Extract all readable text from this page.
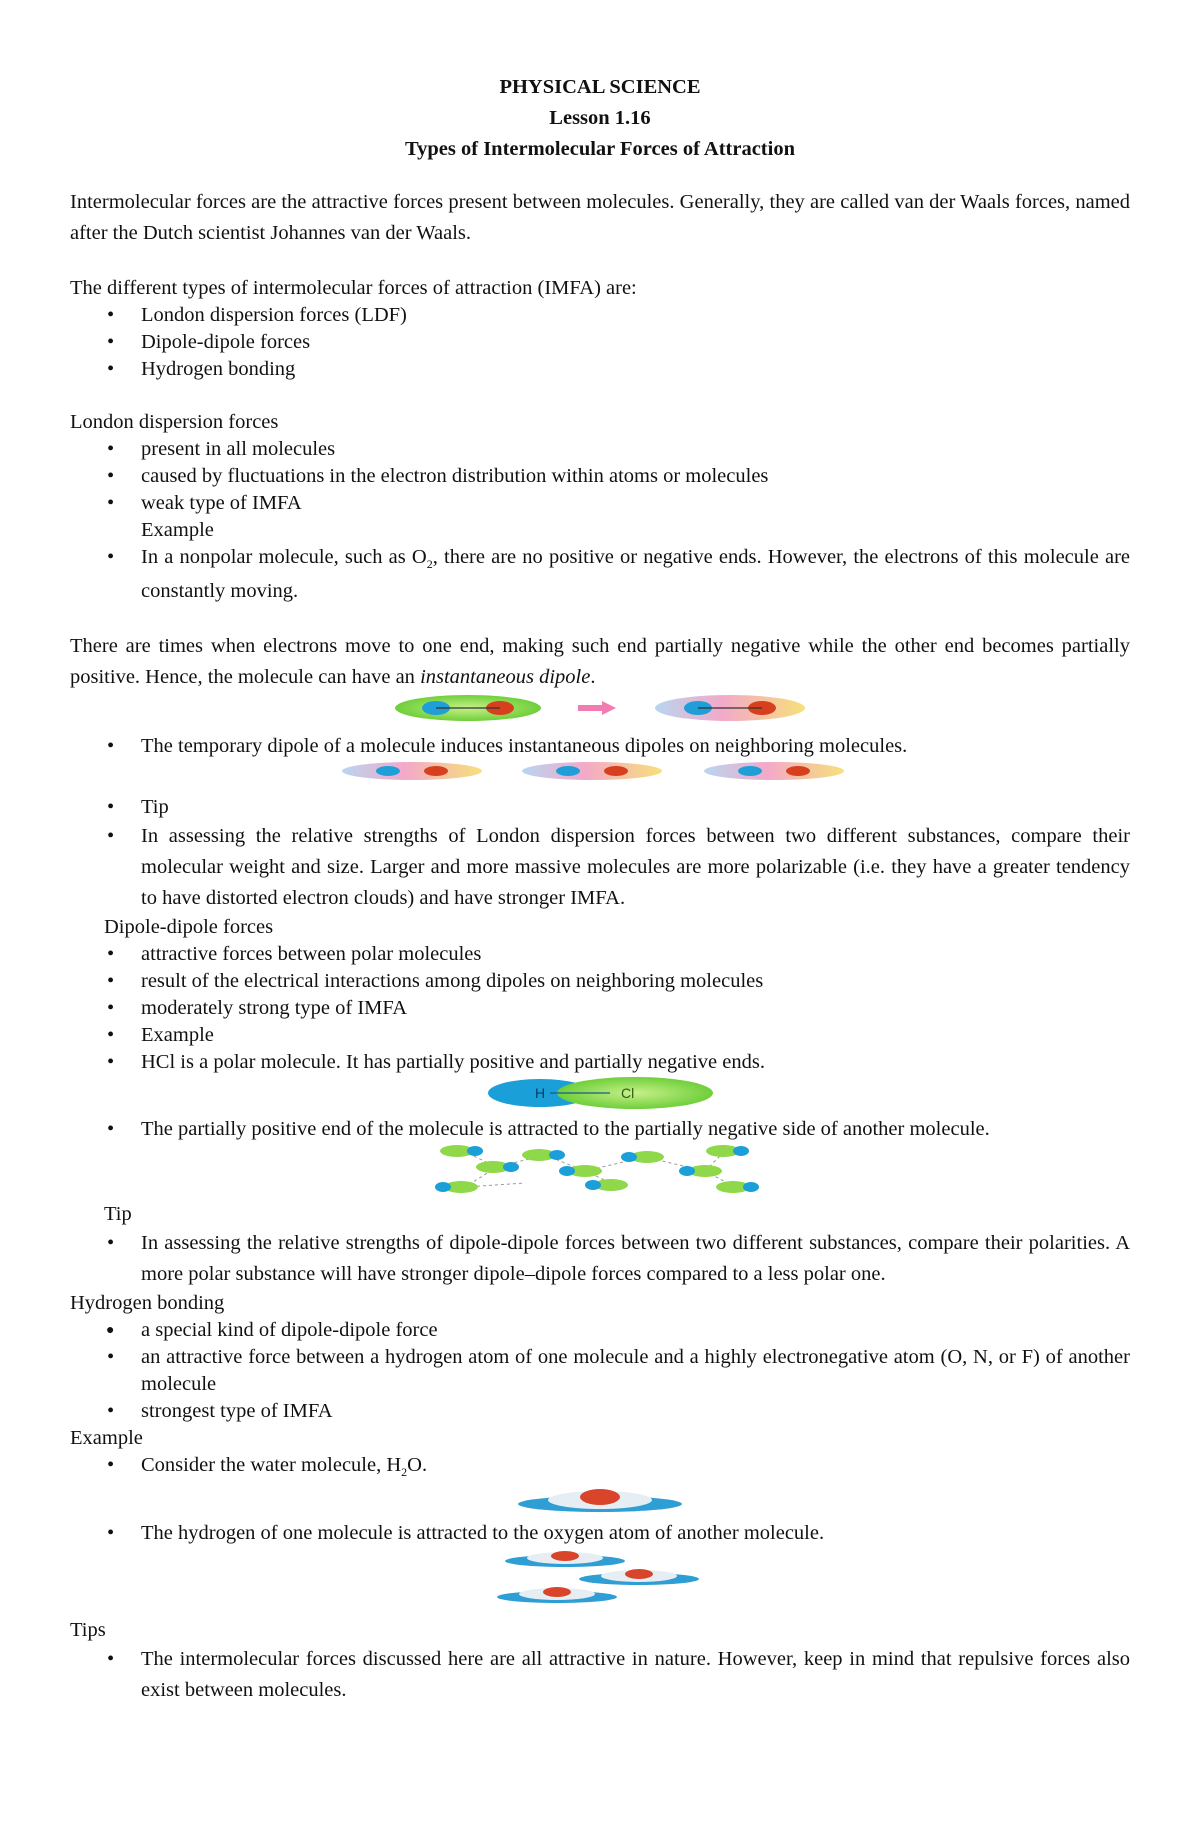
PHYSICAL SCIENCE

Lesson 1.16

Types of Intermolecular Forces of Attraction

Intermolecular forces are the attractive forces present between molecules. Generally, they are called van der Waals forces, named after the Dutch scientist Johannes van der Waals.

The different types of intermolecular forces of attraction (IMFA) are:

• London dispersion forces (LDF)
• Dipole-dipole forces
• Hydrogen bonding

London dispersion forces

• present in all molecules
• caused by fluctuations in the electron distribution within atoms or molecules
• weak type of IMFA
Example
• In a nonpolar molecule, such as $O_2$, there are no positive or negative ends. However, the electrons of this molecule are constantly moving.

There are times when electrons move to one end, making such end partially negative while the other end becomes partially positive. Hence, the molecule can have an instantaneous dipole.

• The temporary dipole of a molecule induces instantaneous dipoles on neighboring molecules.
• Tip
• In assessing the relative strengths of London dispersion forces between two different substances, compare their molecular weight and size. Larger and more massive molecules are more polarizable (i.e. they have a greater tendency to have distorted electron clouds) and have stronger IMFA.

Dipole-dipole forces

• attractive forces between polar molecules
• result of the electrical interactions among dipoles on neighboring molecules
• moderately strong type of IMFA
• Example
• HCl is a polar molecule. It has partially positive and partially negative ends.
H	Cl
• The partially positive end of the molecule is attracted to the partially negative side of another molecule.

Tip

• In assessing the relative strengths of dipole-dipole forces between two different substances, compare their polarities. A more polar substance will have stronger dipole–dipole forces compared to a less polar one.

Hydrogen bonding

● a special kind of dipole-dipole force
• an attractive force between a hydrogen atom of one molecule and a highly electronegative atom (O, N, or F) of another molecule
• strongest type of IMFA

Example

• Consider the water molecule, $H_2O$.
• The hydrogen of one molecule is attracted to the oxygen atom of another molecule.

Tips

• The intermolecular forces discussed here are all attractive in nature. However, keep in mind that repulsive forces also exist between molecules.
